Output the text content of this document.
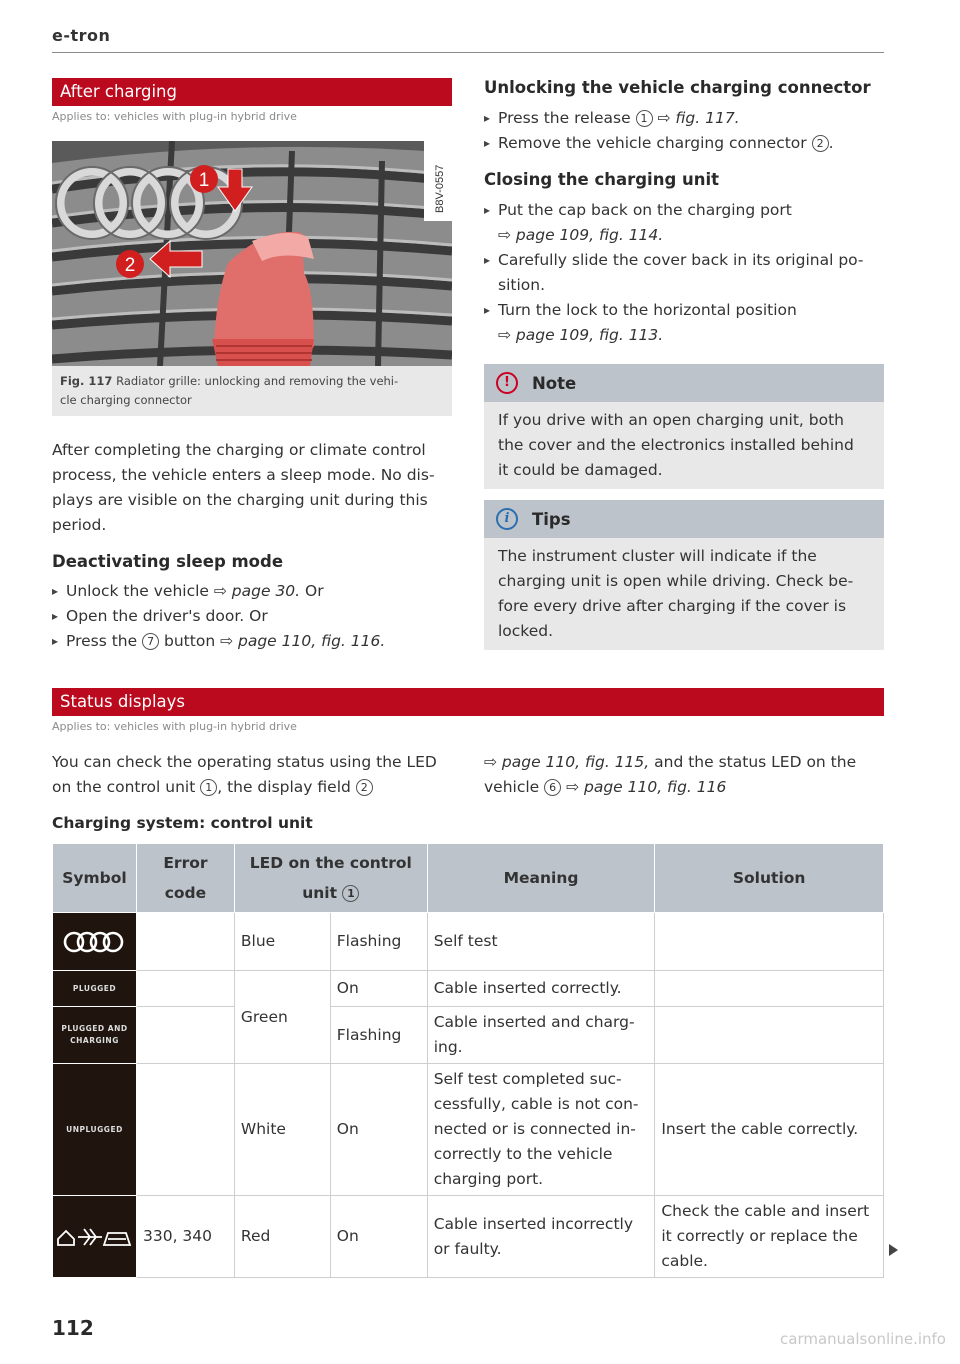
e-tron
After charging
Applies to: vehicles with plug-in hybrid drive
1
2
B8V-0557
Fig. 117 Radiator grille: unlocking and removing the vehi-
cle charging connector
After completing the charging or climate control
process, the vehicle enters a sleep mode. No dis-
plays are visible on the charging unit during this
period.
Deactivating sleep mode
▸ Unlock the vehicle ⇨ page 30. Or
▸ Open the driver's door. Or
▸ Press the 7 button ⇨ page 110, fig. 116.
Unlocking the vehicle charging connector
▸ Press the release 1 ⇨ fig. 117.
▸ Remove the vehicle charging connector 2 .
Closing the charging unit
▸ Put the cap back on the charging port
⇨ page 109, fig. 114.
▸ Carefully slide the cover back in its original po-
sition.
▸ Turn the lock to the horizontal position
⇨ page 109, fig. 113.
!	Note
If you drive with an open charging unit, both
the cover and the electronics installed behind
it could be damaged.
i	Tips
The instrument cluster will indicate if the
charging unit is open while driving. Check be-
fore every drive after charging if the cover is
locked.
Status displays
Applies to: vehicles with plug-in hybrid drive
You can check the operating status using the LED
on the control unit 1 , the display field 2
⇨ page 110, fig. 115, and the status LED on the
vehicle 6 ⇨ page 110, fig. 116
Charging system: control unit
Symbol	Error code	LED on the control
unit 1		Meaning	Solution

		Blue	Flashing	Self test	

PLUGGED		Green	On	Cable inserted correctly.	

PLUGGED AND
CHARGING			Flashing	Cable inserted and charg-
ing.	

UNPLUGGED		White	On	Self test completed suc-
cessfully, cable is not con-
nected or is connected in-
correctly to the vehicle
charging port.	Insert the cable correctly.

	330, 340	Red	On	Cable inserted incorrectly
or faulty.	Check the cable and insert
it correctly or replace the
cable.
112	carmanualsonline.info
